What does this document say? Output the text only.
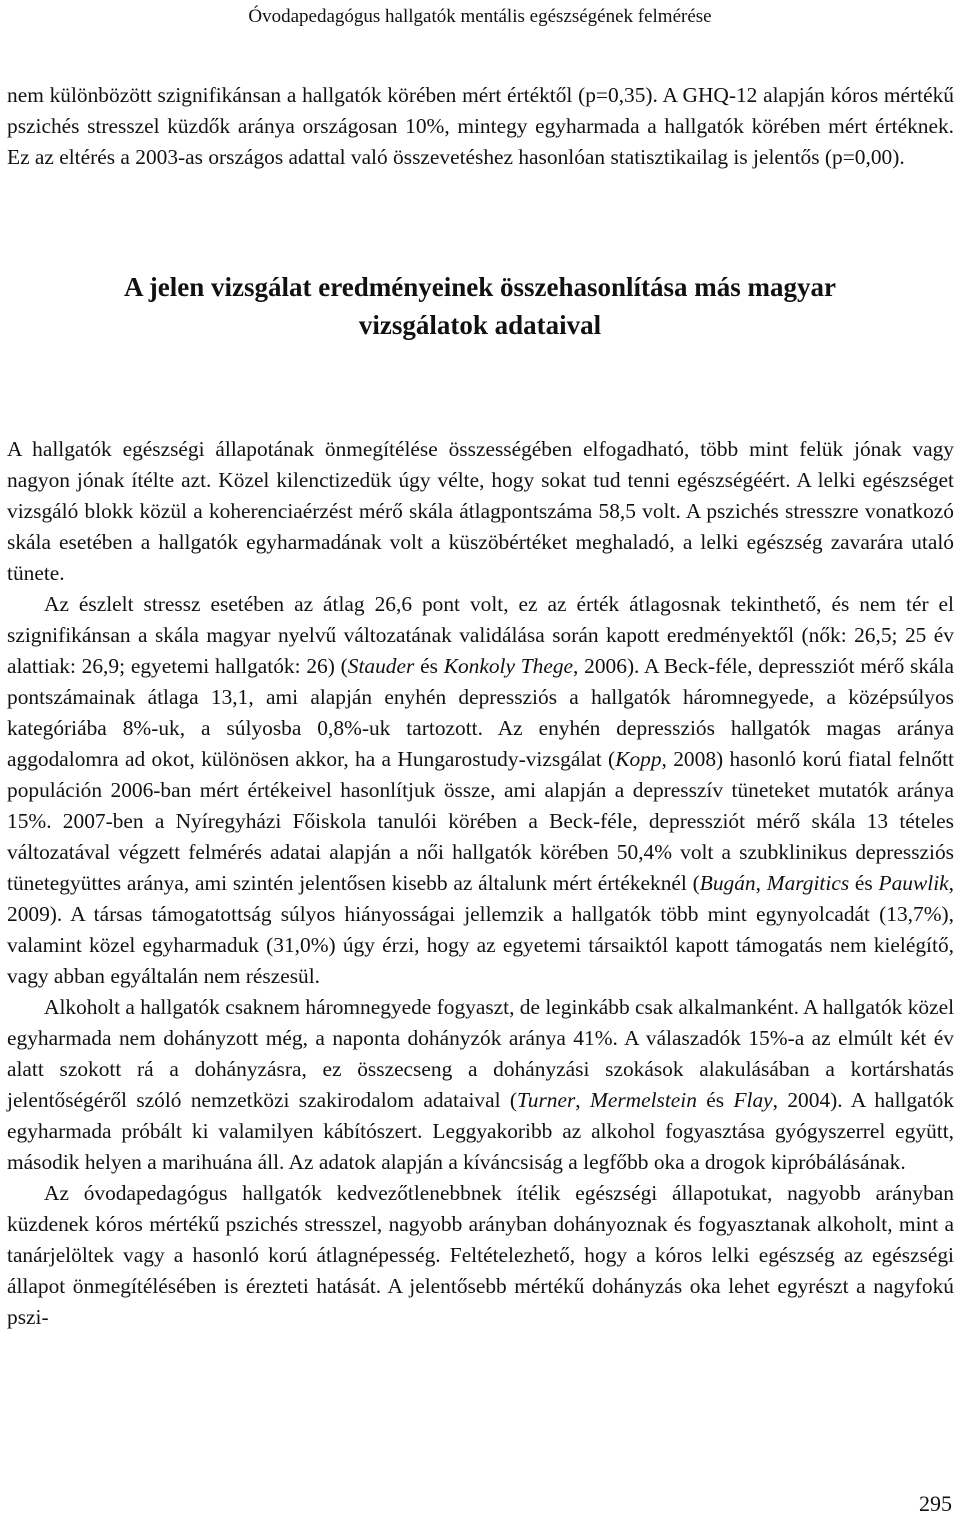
Óvodapedagógus hallgatók mentális egészségének felmérése

nem különbözött szignifikánsan a hallgatók körében mért értéktől (p=0,35). A GHQ-12 alapján kóros mértékű pszichés stresszel küzdők aránya országosan 10%, mintegy egyharmada a hallgatók körében mért értéknek. Ez az eltérés a 2003-as országos adattal való összevetéshez hasonlóan statisztikailag is jelentős (p=0,00).

A jelen vizsgálat eredményeinek összehasonlítása más magyar
vizsgálatok adataival

A hallgatók egészségi állapotának önmegítélése összességében elfogadható, több mint felük jónak vagy nagyon jónak ítélte azt. Közel kilenctizedük úgy vélte, hogy sokat tud tenni egészségéért. A lelki egészséget vizsgáló blokk közül a koherenciaérzést mérő skála átlagpontszáma 58,5 volt. A pszichés stresszre vonatkozó skála esetében a hallgatók egyharmadának volt a küszöbértéket meghaladó, a lelki egészség zavarára utaló tünete.

Az észlelt stressz esetében az átlag 26,6 pont volt, ez az érték átlagosnak tekinthető, és nem tér el szignifikánsan a skála magyar nyelvű változatának validálása során kapott eredményektől (nők: 26,5; 25 év alattiak: 26,9; egyetemi hallgatók: 26) (Stauder és Konkoly Thege, 2006). A Beck-féle, depressziót mérő skála pontszámainak átlaga 13,1, ami alapján enyhén depressziós a hallgatók háromnegyede, a középsúlyos kategóriába 8%-uk, a súlyosba 0,8%-uk tartozott. Az enyhén depressziós hallgatók magas aránya aggodalomra ad okot, különösen akkor, ha a Hungarostudy-vizsgálat (Kopp, 2008) hasonló korú fiatal felnőtt populáción 2006-ban mért értékeivel hasonlítjuk össze, ami alapján a depresszív tüneteket mutatók aránya 15%. 2007-ben a Nyíregyházi Főiskola tanulói körében a Beck-féle, depressziót mérő skála 13 tételes változatával végzett felmérés adatai alapján a női hallgatók körében 50,4% volt a szubklinikus depressziós tünetegyüttes aránya, ami szintén jelentősen kisebb az általunk mért értékeknél (Bugán, Margitics és Pauwlik, 2009). A társas támogatottság súlyos hiányosságai jellemzik a hallgatók több mint egynyolcadát (13,7%), valamint közel egyharmaduk (31,0%) úgy érzi, hogy az egyetemi társaiktól kapott támogatás nem kielégítő, vagy abban egyáltalán nem részesül.

Alkoholt a hallgatók csaknem háromnegyede fogyaszt, de leginkább csak alkalmanként. A hallgatók közel egyharmada nem dohányzott még, a naponta dohányzók aránya 41%. A válaszadók 15%-a az elmúlt két év alatt szokott rá a dohányzásra, ez összecseng a dohányzási szokások alakulásában a kortárshatás jelentőségéről szóló nemzetközi szakirodalom adataival (Turner, Mermelstein és Flay, 2004). A hallgatók egyharmada próbált ki valamilyen kábítószert. Leggyakoribb az alkohol fogyasztása gyógyszerrel együtt, második helyen a marihuána áll. Az adatok alapján a kíváncsiság a legfőbb oka a drogok kipróbálásának.

Az óvodapedagógus hallgatók kedvezőtlenebbnek ítélik egészségi állapotukat, nagyobb arányban küzdenek kóros mértékű pszichés stresszel, nagyobb arányban dohányoznak és fogyasztanak alkoholt, mint a tanárjelöltek vagy a hasonló korú átlagnépesség. Feltételezhető, hogy a kóros lelki egészség az egészségi állapot önmegítélésében is érezteti hatását. A jelentősebb mértékű dohányzás oka lehet egyrészt a nagyfokú pszi-

295
